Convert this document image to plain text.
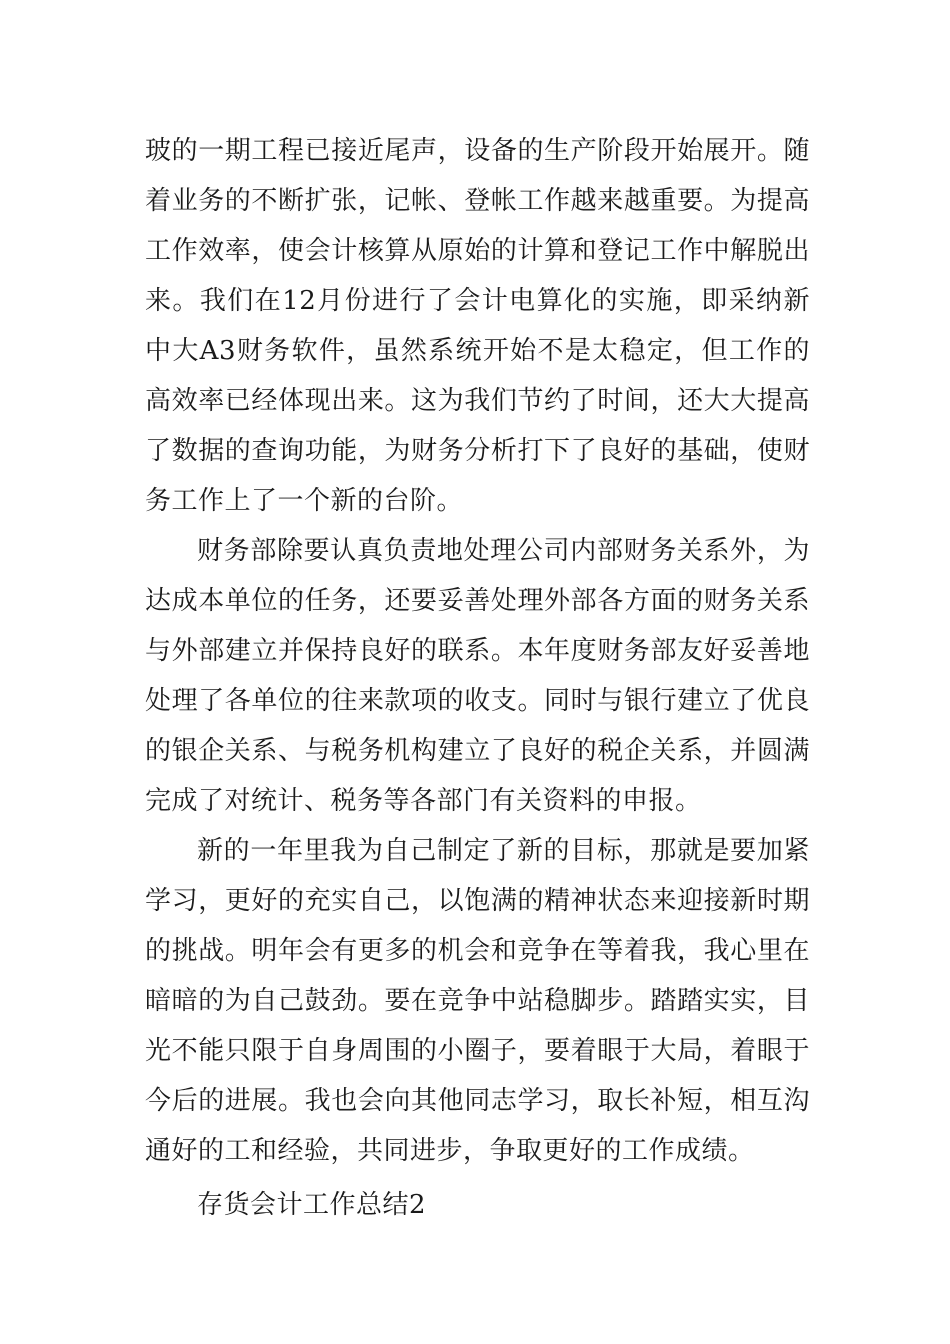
玻的一期工程已接近尾声，设备的生产阶段开始展开。随着业务的不断扩张，记帐、登帐工作越来越重要。为提高工作效率，使会计核算从原始的计算和登记工作中解脱出来。我们在12月份进行了会计电算化的实施，即采纳新中大A3财务软件，虽然系统开始不是太稳定，但工作的高效率已经体现出来。这为我们节约了时间，还大大提高了数据的查询功能，为财务分析打下了良好的基础，使财务工作上了一个新的台阶。

财务部除要认真负责地处理公司内部财务关系外，为达成本单位的任务，还要妥善处理外部各方面的财务关系与外部建立并保持良好的联系。本年度财务部友好妥善地处理了各单位的往来款项的收支。同时与银行建立了优良的银企关系、与税务机构建立了良好的税企关系，并圆满完成了对统计、税务等各部门有关资料的申报。

新的一年里我为自己制定了新的目标，那就是要加紧学习，更好的充实自己，以饱满的精神状态来迎接新时期的挑战。明年会有更多的机会和竞争在等着我，我心里在暗暗的为自己鼓劲。要在竞争中站稳脚步。踏踏实实，目光不能只限于自身周围的小圈子，要着眼于大局，着眼于今后的进展。我也会向其他同志学习，取长补短，相互沟通好的工和经验，共同进步，争取更好的工作成绩。

存货会计工作总结2
